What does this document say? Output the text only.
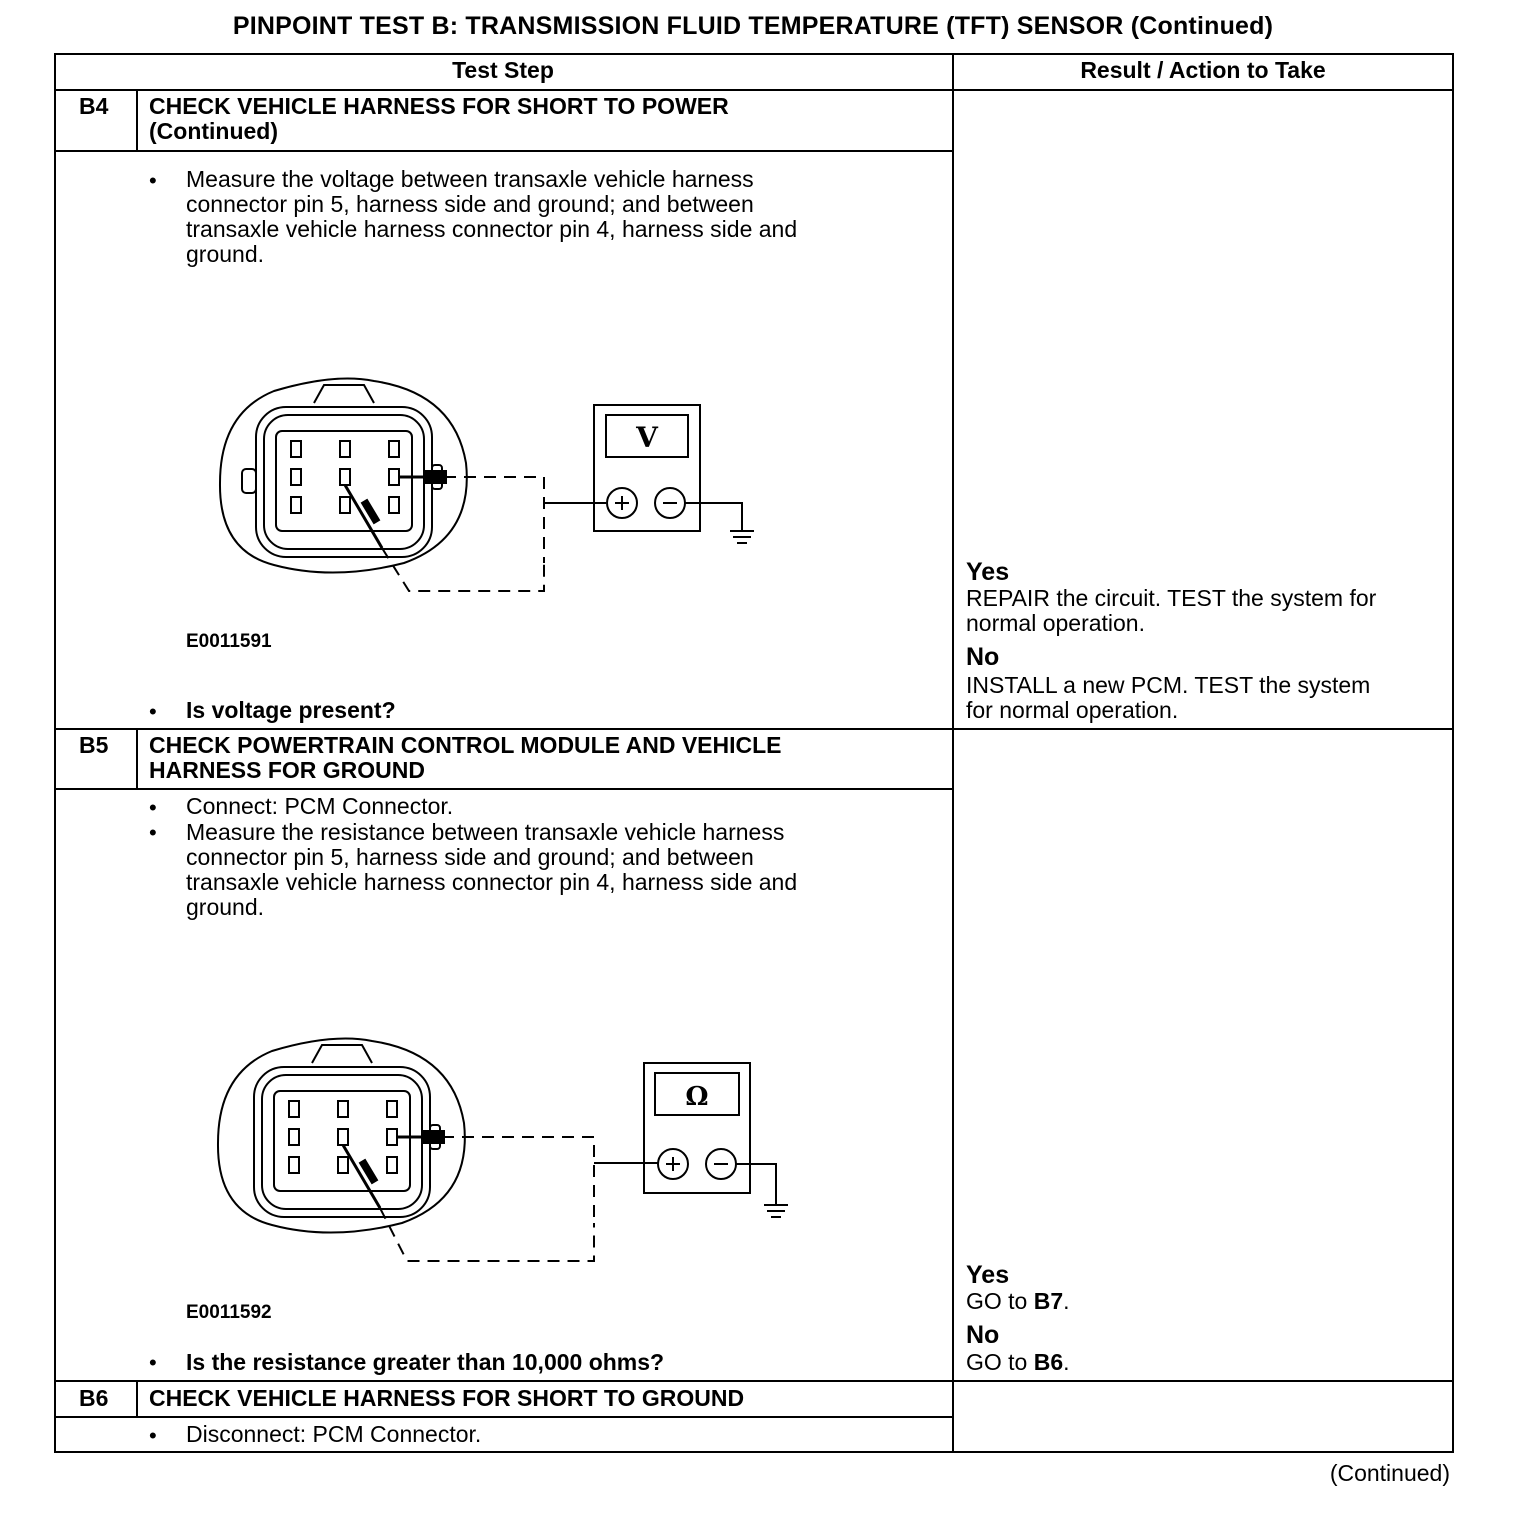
PINPOINT TEST B: TRANSMISSION FLUID TEMPERATURE (TFT) SENSOR (Continued)
Test Step	Result / Action to Take
B4 CHECK VEHICLE HARNESS FOR SHORT TO POWER
(Continued)
• Measure the voltage between transaxle vehicle harness
connector pin 5, harness side and ground; and between
transaxle vehicle harness connector pin 4, harness side and
ground.
V
E0011591
• Is voltage present?
Yes
REPAIR the circuit. TEST the system for
normal operation.
No
INSTALL a new PCM. TEST the system
for normal operation.
B5 CHECK POWERTRAIN CONTROL MODULE AND VEHICLE
HARNESS FOR GROUND
• Connect: PCM Connector.
• Measure the resistance between transaxle vehicle harness
connector pin 5, harness side and ground; and between
transaxle vehicle harness connector pin 4, harness side and
ground.
Ω
E0011592
• Is the resistance greater than 10,000 ohms?
Yes
GO to B7.
No
GO to B6.
B6 CHECK VEHICLE HARNESS FOR SHORT TO GROUND
• Disconnect: PCM Connector.
(Continued)
